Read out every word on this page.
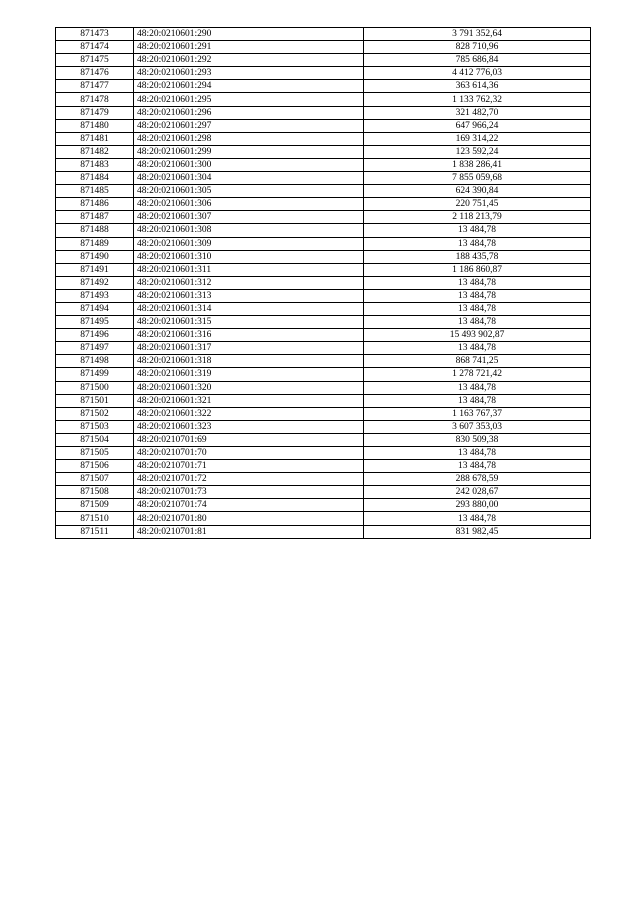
871473	48:20:0210601:290	3 791 352,64
871474	48:20:0210601:291	828 710,96
871475	48:20:0210601:292	785 686,84
871476	48:20:0210601:293	4 412 776,03
871477	48:20:0210601:294	363 614,36
871478	48:20:0210601:295	1 133 762,32
871479	48:20:0210601:296	321 482,70
871480	48:20:0210601:297	647 966,24
871481	48:20:0210601:298	169 314,22
871482	48:20:0210601:299	123 592,24
871483	48:20:0210601:300	1 838 286,41
871484	48:20:0210601:304	7 855 059,68
871485	48:20:0210601:305	624 390,84
871486	48:20:0210601:306	220 751,45
871487	48:20:0210601:307	2 118 213,79
871488	48:20:0210601:308	13 484,78
871489	48:20:0210601:309	13 484,78
871490	48:20:0210601:310	188 435,78
871491	48:20:0210601:311	1 186 860,87
871492	48:20:0210601:312	13 484,78
871493	48:20:0210601:313	13 484,78
871494	48:20:0210601:314	13 484,78
871495	48:20:0210601:315	13 484,78
871496	48:20:0210601:316	15 493 902,87
871497	48:20:0210601:317	13 484,78
871498	48:20:0210601:318	868 741,25
871499	48:20:0210601:319	1 278 721,42
871500	48:20:0210601:320	13 484,78
871501	48:20:0210601:321	13 484,78
871502	48:20:0210601:322	1 163 767,37
871503	48:20:0210601:323	3 607 353,03
871504	48:20:0210701:69	830 509,38
871505	48:20:0210701:70	13 484,78
871506	48:20:0210701:71	13 484,78
871507	48:20:0210701:72	288 678,59
871508	48:20:0210701:73	242 028,67
871509	48:20:0210701:74	293 880,00
871510	48:20:0210701:80	13 484,78
871511	48:20:0210701:81	831 982,45
